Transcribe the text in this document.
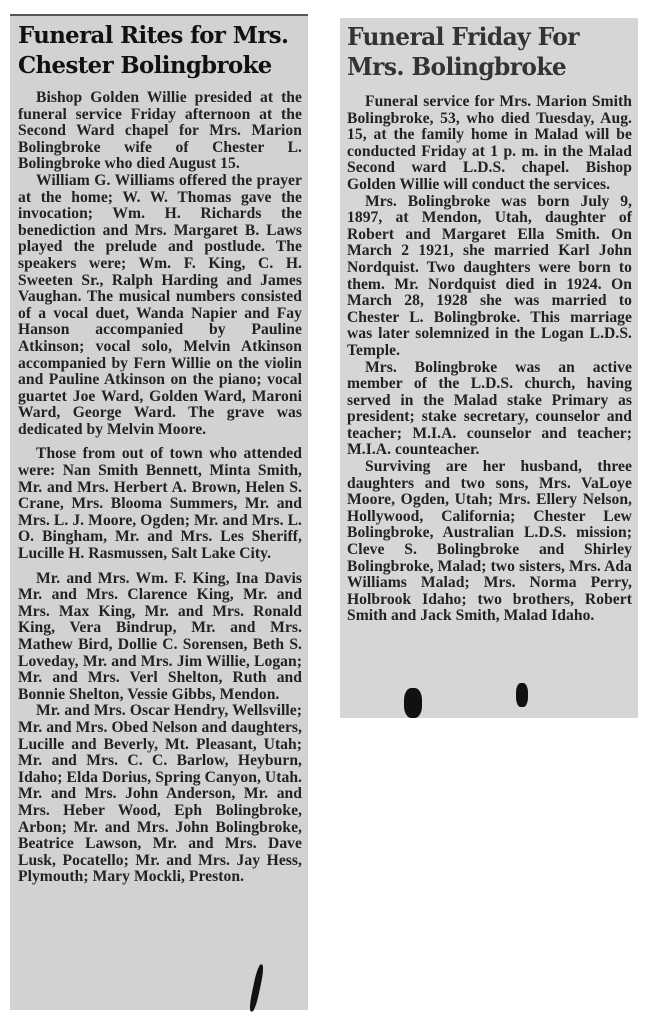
Funeral Rites for Mrs. Chester Bolingbroke

Bishop Golden Willie presided at the funeral service Friday afternoon at the Second Ward chapel for Mrs. Marion Bolingbroke wife of Chester L. Bolingbroke who died August 15.

William G. Williams offered the prayer at the home; W. W. Thomas gave the invocation; Wm. H. Richards the benediction and Mrs. Margaret B. Laws played the prelude and postlude. The speakers were; Wm. F. King, C. H. Sweeten Sr., Ralph Harding and James Vaughan. The musical numbers consisted of a vocal duet, Wanda Napier and Fay Hanson accompanied by Pauline Atkinson; vocal solo, Melvin Atkinson accompanied by Fern Willie on the violin and Pauline Atkinson on the piano; vocal guartet Joe Ward, Golden Ward, Maroni Ward, George Ward. The grave was dedicated by Melvin Moore.

Those from out of town who attended were: Nan Smith Bennett, Minta Smith, Mr. and Mrs. Herbert A. Brown, Helen S. Crane, Mrs. Blooma Summers, Mr. and Mrs. L. J. Moore, Ogden; Mr. and Mrs. L. O. Bingham, Mr. and Mrs. Les Sheriff, Lucille H. Rasmussen, Salt Lake City.

Mr. and Mrs. Wm. F. King, Ina Davis Mr. and Mrs. Clarence King, Mr. and Mrs. Max King, Mr. and Mrs. Ronald King, Vera Bindrup, Mr. and Mrs. Mathew Bird, Dollie C. Sorensen, Beth S. Loveday, Mr. and Mrs. Jim Willie, Logan; Mr. and Mrs. Verl Shelton, Ruth and Bonnie Shelton, Vessie Gibbs, Mendon.

Mr. and Mrs. Oscar Hendry, Wellsville; Mr. and Mrs. Obed Nelson and daughters, Lucille and Beverly, Mt. Pleasant, Utah; Mr. and Mrs. C. C. Barlow, Heyburn, Idaho; Elda Dorius, Spring Canyon, Utah. Mr. and Mrs. John Anderson, Mr. and Mrs. Heber Wood, Eph Bolingbroke, Arbon; Mr. and Mrs. John Bolingbroke, Beatrice Lawson, Mr. and Mrs. Dave Lusk, Pocatello; Mr. and Mrs. Jay Hess, Plymouth; Mary Mockli, Preston.

Funeral Friday For Mrs. Bolingbroke

Funeral service for Mrs. Marion Smith Bolingbroke, 53, who died Tuesday, Aug. 15, at the family home in Malad will be conducted Friday at 1 p. m. in the Malad Second ward L.D.S. chapel. Bishop Golden Willie will conduct the services.

Mrs. Bolingbroke was born July 9, 1897, at Mendon, Utah, daughter of Robert and Margaret Ella Smith. On March 2 1921, she married Karl John Nordquist. Two daughters were born to them. Mr. Nordquist died in 1924. On March 28, 1928 she was married to Chester L. Bolingbroke. This marriage was later solemnized in the Logan L.D.S. Temple.

Mrs. Bolingbroke was an active member of the L.D.S. church, having served in the Malad stake Primary as president; stake secretary, counselor and teacher; M.I.A. counselor and teacher; M.I.A. counteacher.

Surviving are her husband, three daughters and two sons, Mrs. VaLoye Moore, Ogden, Utah; Mrs. Ellery Nelson, Hollywood, California; Chester Lew Bolingbroke, Australian L.D.S. mission; Cleve S. Bolingbroke and Shirley Bolingbroke, Malad; two sisters, Mrs. Ada Williams Malad; Mrs. Norma Perry, Holbrook Idaho; two brothers, Robert Smith and Jack Smith, Malad Idaho.
